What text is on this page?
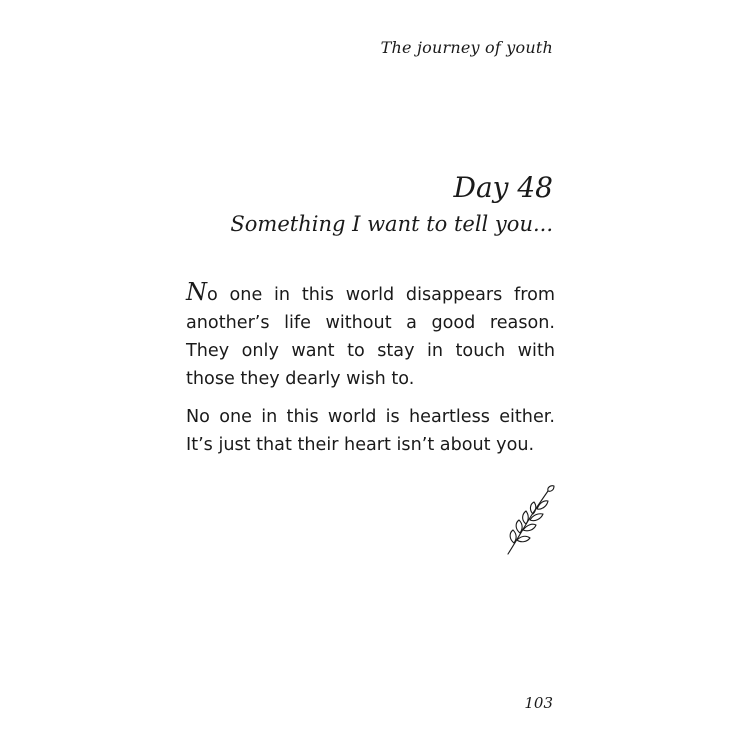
The journey of youth
Day 48
Something I want to tell you...

No one in this world disappears from another’s life without a good reason. They only want to stay in touch with those they dearly wish to.

No one in this world is heartless either. It’s just that their heart isn’t about you.

103
